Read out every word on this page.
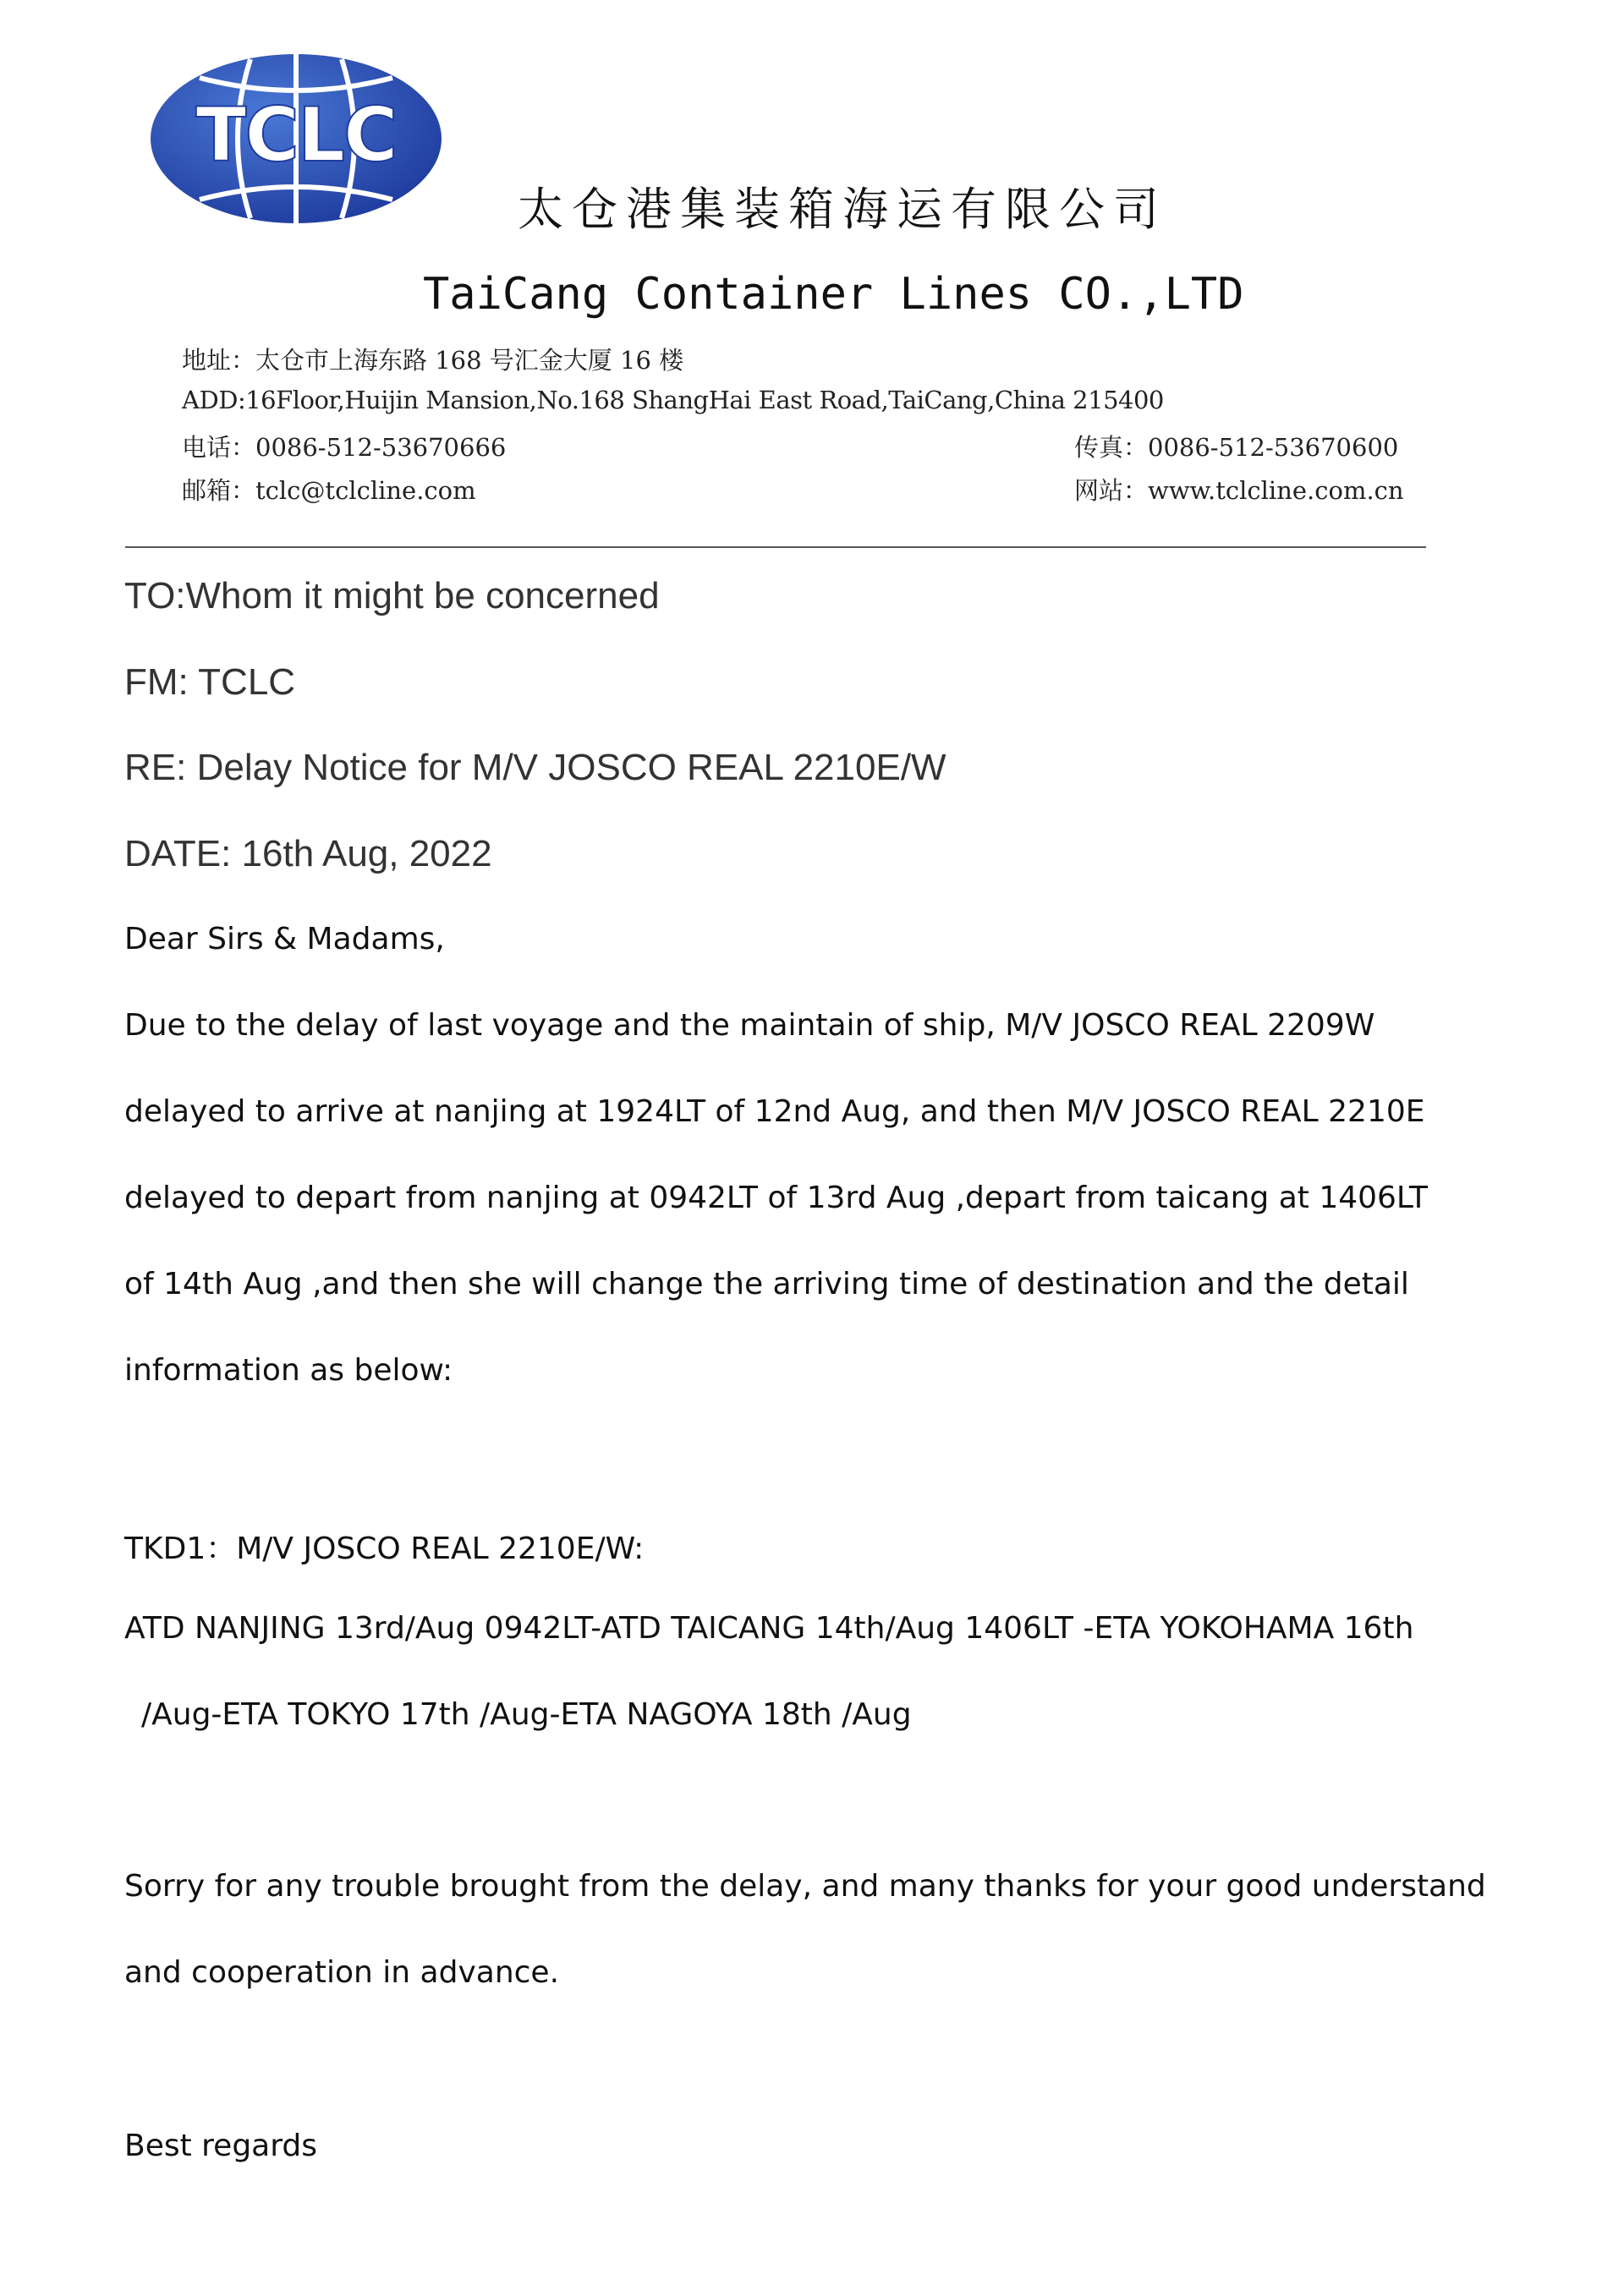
TCLC
太仓港集装箱海运有限公司
TaiCang Container Lines CO.,LTD
地址：太仓市上海东路 168 号汇金大厦 16 楼
ADD:16Floor,Huijin Mansion,No.168 ShangHai East Road,TaiCang,China 215400
电话：0086-512-53670666	传真：0086-512-53670600
邮箱：tclc@tclcline.com	网站：www.tclcline.com.cn
TO:Whom it might be concerned
FM: TCLC
RE: Delay Notice for M/V JOSCO REAL 2210E/W
DATE: 16th Aug, 2022
Dear Sirs & Madams,
Due to the delay of last voyage and the maintain of ship, M/V JOSCO REAL 2209W
delayed to arrive at nanjing at 1924LT of 12nd Aug, and then M/V JOSCO REAL 2210E
delayed to depart from nanjing at 0942LT of 13rd Aug ,depart from taicang at 1406LT
of 14th Aug ,and then she will change the arriving time of destination and the detail
information as below:
TKD1：M/V JOSCO REAL 2210E/W:
ATD NANJING 13rd/Aug 0942LT-ATD TAICANG 14th/Aug 1406LT -ETA YOKOHAMA 16th
/Aug-ETA TOKYO 17th /Aug-ETA NAGOYA 18th /Aug
Sorry for any trouble brought from the delay, and many thanks for your good understand
and cooperation in advance.
Best regards
